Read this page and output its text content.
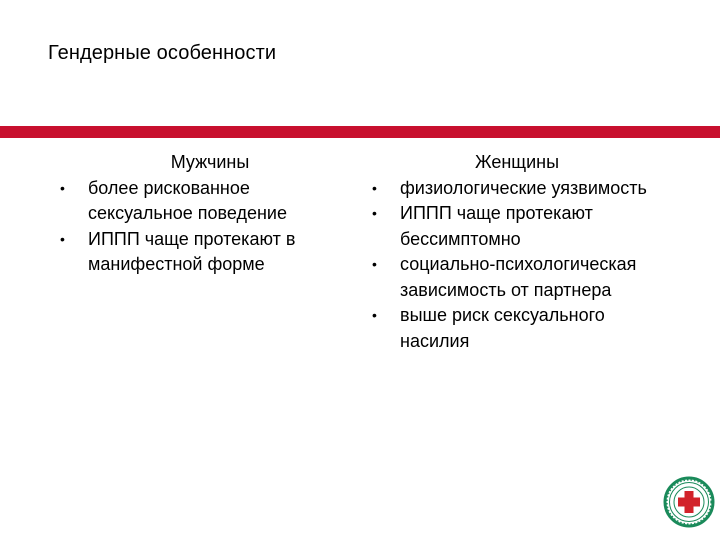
Гендерные особенности
Мужчины
• более рискованное сексуальное поведение
• ИППП чаще протекают в манифестной форме
Женщины
• физиологические уязвимость
• ИППП чаще протекают бессимптомно
• социально-психологическая зависимость от партнера
• выше риск сексуального насилия
